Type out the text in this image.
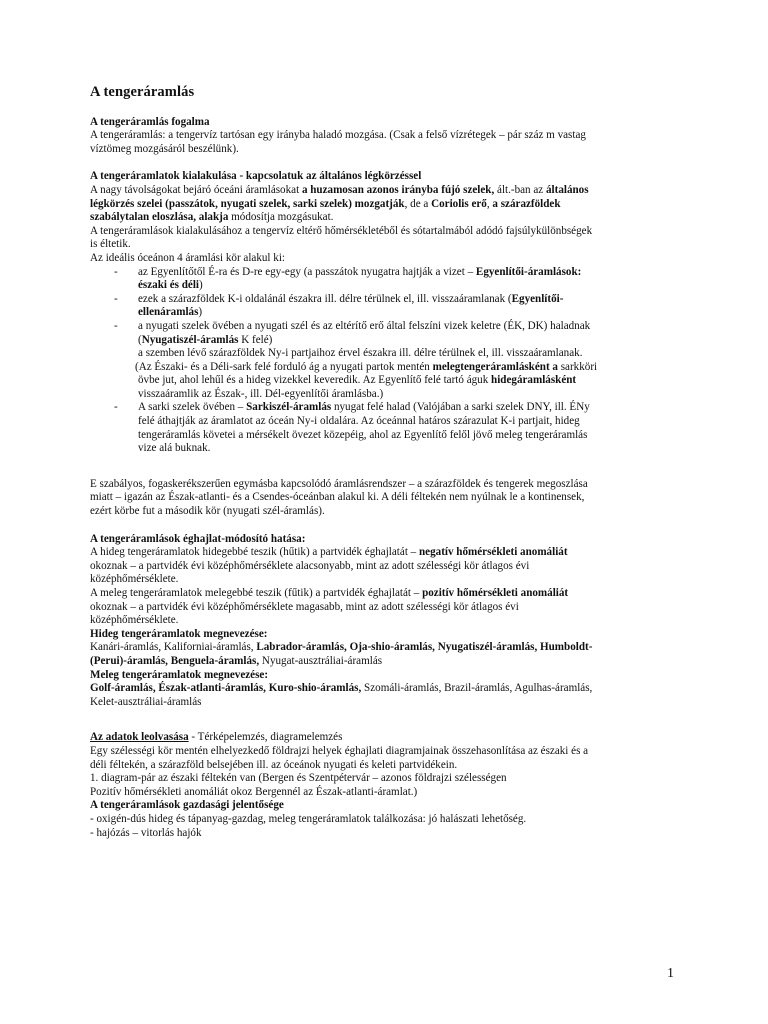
A tengeráramlás

A tengeráramlás fogalma

A tengeráramlás: a tengervíz tartósan egy irányba haladó mozgása. (Csak a felső vízrétegek – pár száz m vastag

víztömeg mozgásáról beszélünk).

A tengeráramlatok kialakulása - kapcsolatuk az általános légkörzéssel

A nagy távolságokat bejáró óceáni áramlásokat a huzamosan azonos irányba fújó szelek, ált.-ban az általános

légkörzés szelei (passzátok, nyugati szelek, sarki szelek) mozgatják, de a Coriolis erő, a szárazföldek

szabálytalan eloszlása, alakja módosítja mozgásukat.

A tengeráramlások kialakulásához a tengervíz eltérő hőmérsékletéből és sótartalmából adódó fajsúlykülönbségek

is éltetik.

Az ideális óceánon 4 áramlási kör alakul ki:

- az Egyenlítőtől É-ra és D-re egy-egy (a passzátok nyugatra hajtják a vizet – Egyenlítői-áramlások:
északi és déli)
- ezek a szárazföldek K-i oldalánál északra ill. délre térülnek el, ill. visszaáramlanak (Egyenlítői-
ellenáramlás)
- a nyugati szelek övében a nyugati szél és az eltérítő erő által felszíni vizek keletre (ÉK, DK) haladnak
(Nyugatiszél-áramlás K felé)

a szemben lévő szárazföldek Ny-i partjaihoz érvel északra ill. délre térülnek el, ill. visszaáramlanak.

(Az Északi- és a Déli-sark felé forduló ág a nyugati partok mentén melegtengeráramlásként a sarkköri

övbe jut, ahol lehűl és a hideg vizekkel keveredik. Az Egyenlítő felé tartó águk hidegáramlásként

visszaáramlik az Észak-, ill. Dél-egyenlítői áramlásba.)

- A sarki szelek övében – Sarkiszél-áramlás nyugat felé halad (Valójában a sarki szelek DNY, ill. ÉNy
felé áthajtják az áramlatot az óceán Ny-i oldalára. Az óceánnal határos szárazulat K-i partjait, hideg
tengeráramlás követei a mérsékelt övezet közepéig, ahol az Egyenlítő felől jövő meleg tengeráramlás
vize alá buknak.

E szabályos, fogaskerékszerűen egymásba kapcsolódó áramlásrendszer – a szárazföldek és tengerek megoszlása

miatt – igazán az Észak-atlanti- és a Csendes-óceánban alakul ki. A déli féltekén nem nyúlnak le a kontinensek,

ezért körbe fut a második kör (nyugati szél-áramlás).

A tengeráramlások éghajlat-módosító hatása:

A hideg tengeráramlatok hidegebbé teszik (hűtik) a partvidék éghajlatát – negatív hőmérsékleti anomáliát

okoznak – a partvidék évi középhőmérséklete alacsonyabb, mint az adott szélességi kör átlagos évi

középhőmérséklete.

A meleg tengeráramlatok melegebbé teszik (fűtik) a partvidék éghajlatát – pozitív hőmérsékleti anomáliát

okoznak – a partvidék évi középhőmérséklete magasabb, mint az adott szélességi kör átlagos évi

középhőmérséklete.

Hideg tengeráramlatok megnevezése:

Kanári-áramlás, Kaliforniai-áramlás, Labrador-áramlás, Oja-shio-áramlás, Nyugatiszél-áramlás, Humboldt-

(Perui)-áramlás, Benguela-áramlás, Nyugat-ausztráliai-áramlás

Meleg tengeráramlatok megnevezése:

Golf-áramlás, Észak-atlanti-áramlás, Kuro-shio-áramlás, Szomáli-áramlás, Brazil-áramlás, Agulhas-áramlás,

Kelet-ausztráliai-áramlás

Az adatok leolvasása - Térképelemzés, diagramelemzés

Egy szélességi kör mentén elhelyezkedő földrajzi helyek éghajlati diagramjainak összehasonlítása az északi és a

déli féltekén, a szárazföld belsejében ill. az óceánok nyugati és keleti partvidékein.

1. diagram-pár az északi féltekén van (Bergen és Szentpétervár – azonos földrajzi szélességen

Pozitív hőmérsékleti anomáliát okoz Bergennél az Észak-atlanti-áramlat.)

A tengeráramlások gazdasági jelentősége

- oxigén-dús hideg és tápanyag-gazdag, meleg tengeráramlatok találkozása: jó halászati lehetőség.

- hajózás – vitorlás hajók

1
